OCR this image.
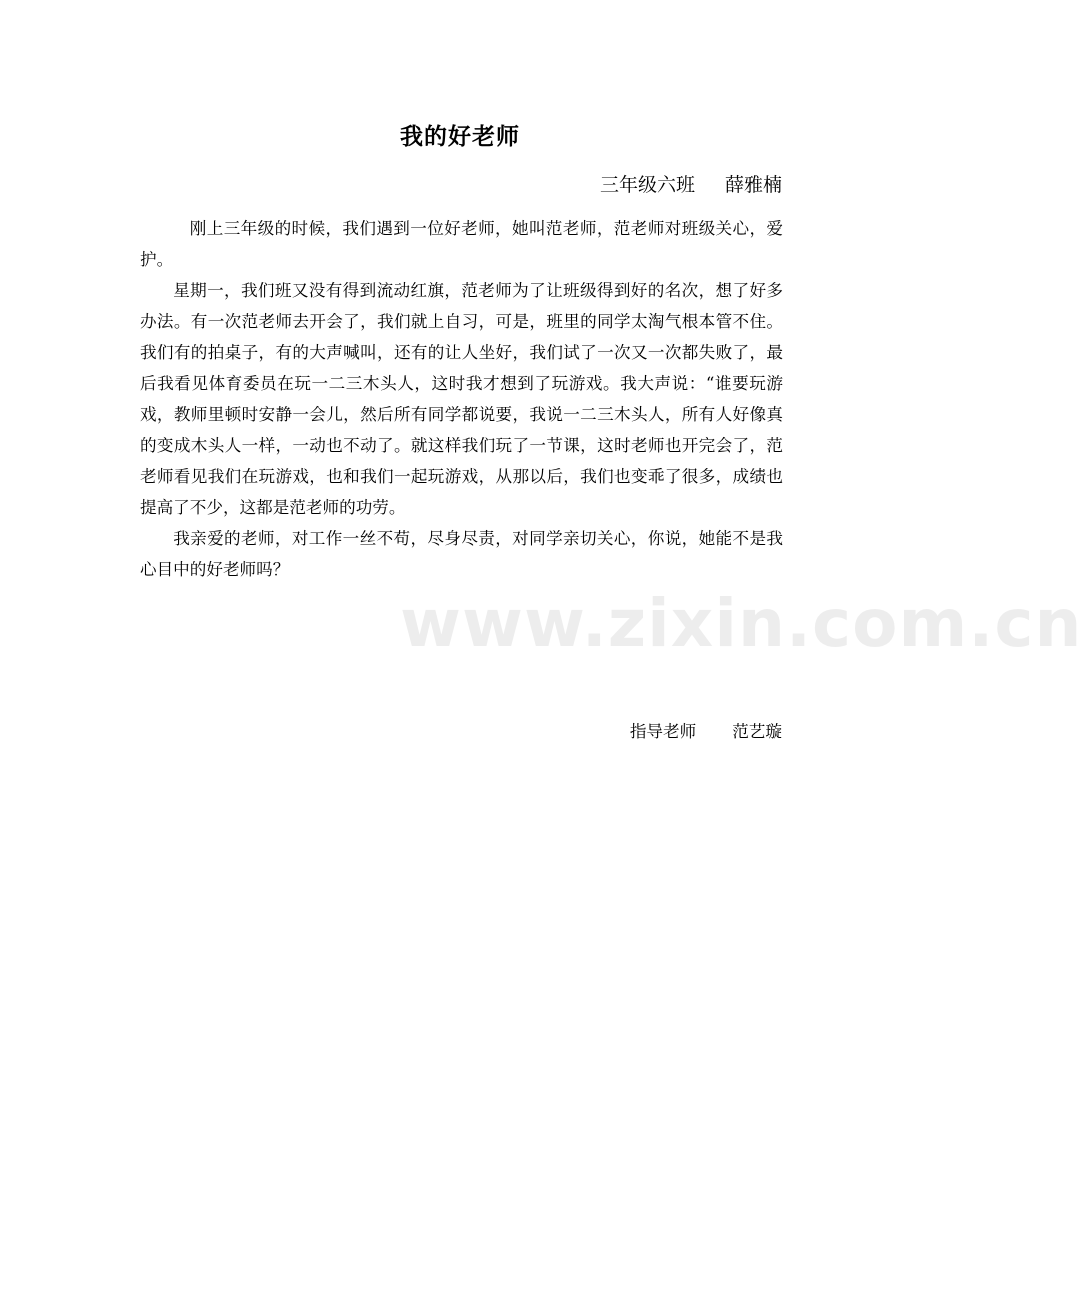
我的好老师
三年级六班 薛雅楠

刚上三年级的时候，我们遇到一位好老师，她叫范老师，范老师对班级关心，爱护。

星期一，我们班又没有得到流动红旗，范老师为了让班级得到好的名次，想了好多办法。有一次范老师去开会了，我们就上自习，可是，班里的同学太淘气根本管不住。我们有的拍桌子，有的大声喊叫，还有的让人坐好，我们试了一次又一次都失败了，最后我看见体育委员在玩一二三木头人，这时我才想到了玩游戏。我大声说：“谁要玩游戏，教师里顿时安静一会儿，然后所有同学都说要，我说一二三木头人，所有人好像真的变成木头人一样，一动也不动了。就这样我们玩了一节课，这时老师也开完会了，范老师看见我们在玩游戏，也和我们一起玩游戏，从那以后，我们也变乖了很多，成绩也提高了不少，这都是范老师的功劳。

我亲爱的老师，对工作一丝不苟，尽身尽责，对同学亲切关心，你说，她能不是我心目中的好老师吗？

指导老师 范艺璇
www.zixin.com.cn
